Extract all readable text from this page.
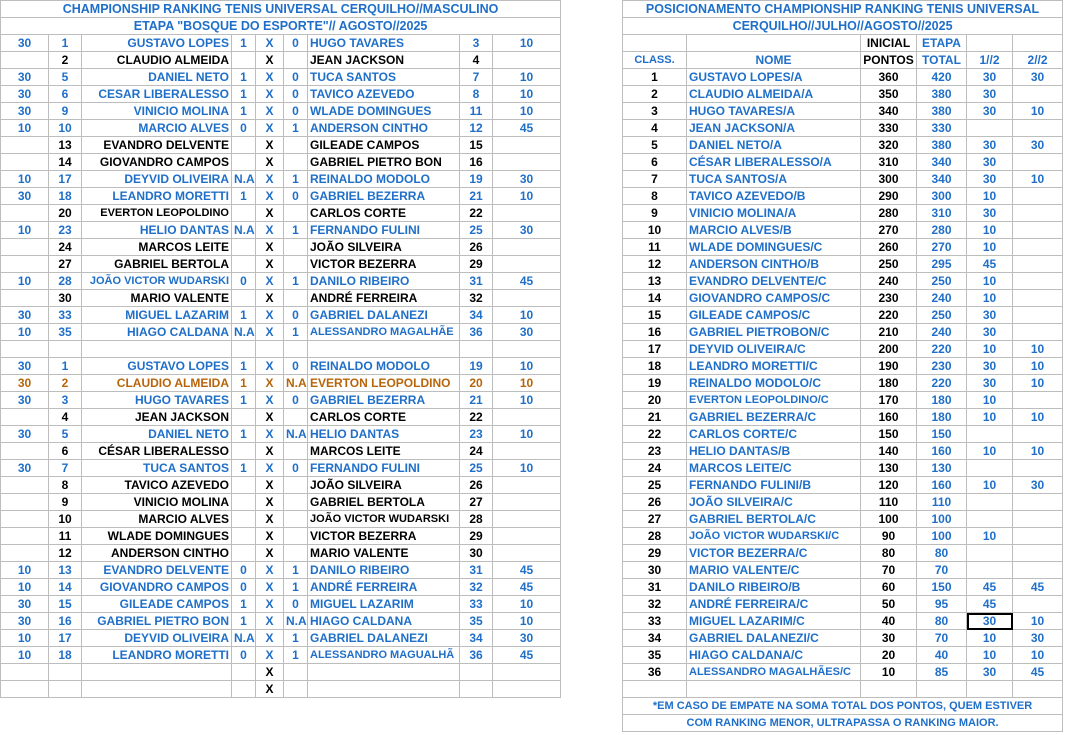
CHAMPIONSHIP RANKING TENIS UNIVERSAL CERQUILHO//MASCULINO								
ETAPA "BOSQUE DO ESPORTE"// AGOSTO//2025								
30	1	GUSTAVO LOPES	1	X	0	HUGO TAVARES	3	10
	2	CLAUDIO ALMEIDA		X		JEAN JACKSON	4	
30	5	DANIEL NETO	1	X	0	TUCA SANTOS	7	10
30	6	CESAR LIBERALESSO	1	X	0	TAVICO AZEVEDO	8	10
30	9	VINICIO MOLINA	1	X	0	WLADE DOMINGUES	11	10
10	10	MARCIO ALVES	0	X	1	ANDERSON CINTHO	12	45
	13	EVANDRO DELVENTE		X		GILEADE CAMPOS	15	
	14	GIOVANDRO CAMPOS		X		GABRIEL PIETRO BON	16	
10	17	DEYVID OLIVEIRA	N.A	X	1	REINALDO MODOLO	19	30
30	18	LEANDRO MORETTI	1	X	0	GABRIEL BEZERRA	21	10
	20	EVERTON LEOPOLDINO		X		CARLOS CORTE	22	
10	23	HELIO DANTAS	N.A	X	1	FERNANDO FULINI	25	30
	24	MARCOS LEITE		X		JOÃO SILVEIRA	26	
	27	GABRIEL BERTOLA		X		VICTOR BEZERRA	29	
10	28	JOÃO VICTOR WUDARSKI	0	X	1	DANILO RIBEIRO	31	45
	30	MARIO VALENTE		X		ANDRÉ FERREIRA	32	
30	33	MIGUEL LAZARIM	1	X	0	GABRIEL DALANEZI	34	10
10	35	HIAGO CALDANA	N.A	X	1	ALESSANDRO MAGALHÃE	36	30

30	1	GUSTAVO LOPES	1	X	0	REINALDO MODOLO	19	10
30	2	CLAUDIO ALMEIDA	1	X	N.A	EVERTON LEOPOLDINO	20	10
30	3	HUGO TAVARES	1	X	0	GABRIEL BEZERRA	21	10
	4	JEAN JACKSON		X		CARLOS CORTE	22	
30	5	DANIEL NETO	1	X	N.A	HELIO DANTAS	23	10
	6	CÉSAR LIBERALESSO		X		MARCOS LEITE	24	
30	7	TUCA SANTOS	1	X	0	FERNANDO FULINI	25	10
	8	TAVICO AZEVEDO		X		JOÃO SILVEIRA	26	
	9	VINICIO MOLINA		X		GABRIEL BERTOLA	27	
	10	MARCIO ALVES		X		JOÃO VICTOR WUDARSKI	28	
	11	WLADE DOMINGUES		X		VICTOR BEZERRA	29	
	12	ANDERSON CINTHO		X		MARIO VALENTE	30	
10	13	EVANDRO DELVENTE	0	X	1	DANILO RIBEIRO	31	45
10	14	GIOVANDRO CAMPOS	0	X	1	ANDRÉ FERREIRA	32	45
30	15	GILEADE CAMPOS	1	X	0	MIGUEL LAZARIM	33	10
30	16	GABRIEL PIETRO BON	1	X	N.A	HIAGO CALDANA	35	10
10	17	DEYVID OLIVEIRA	N.A	X	1	GABRIEL DALANEZI	34	30
10	18	LEANDRO MORETTI	0	X	1	ALESSANDRO MAGUALHÃ	36	45
				X				
				X				
POSICIONAMENTO CHAMPIONSHIP RANKING TENIS UNIVERSAL					
CERQUILHO//JULHO//AGOSTO//2025					
		INICIAL	ETAPA		
CLASS.	NOME	PONTOS	TOTAL	1//2	2//2
1	GUSTAVO LOPES/A	360	420	30	30
2	CLAUDIO ALMEIDA/A	350	380	30	
3	HUGO TAVARES/A	340	380	30	10
4	JEAN JACKSON/A	330	330		
5	DANIEL NETO/A	320	380	30	30
6	CÉSAR LIBERALESSO/A	310	340	30	
7	TUCA SANTOS/A	300	340	30	10
8	TAVICO AZEVEDO/B	290	300	10	
9	VINICIO MOLINA/A	280	310	30	
10	MARCIO ALVES/B	270	280	10	
11	WLADE DOMINGUES/C	260	270	10	
12	ANDERSON CINTHO/B	250	295	45	
13	EVANDRO DELVENTE/C	240	250	10	
14	GIOVANDRO CAMPOS/C	230	240	10	
15	GILEADE CAMPOS/C	220	250	30	
16	GABRIEL PIETROBON/C	210	240	30	
17	DEYVID OLIVEIRA/C	200	220	10	10
18	LEANDRO MORETTI/C	190	230	30	10
19	REINALDO MODOLO/C	180	220	30	10
20	EVERTON LEOPOLDINO/C	170	180	10	
21	GABRIEL BEZERRA/C	160	180	10	10
22	CARLOS CORTE/C	150	150		
23	HELIO DANTAS/B	140	160	10	10
24	MARCOS LEITE/C	130	130		
25	FERNANDO FULINI/B	120	160	10	30
26	JOÃO SILVEIRA/C	110	110		
27	GABRIEL BERTOLA/C	100	100		
28	JOÃO VICTOR WUDARSKI/C	90	100	10	
29	VICTOR BEZERRA/C	80	80		
30	MARIO VALENTE/C	70	70		
31	DANILO RIBEIRO/B	60	150	45	45
32	ANDRÉ FERREIRA/C	50	95	45	
33	MIGUEL LAZARIM/C	40	80	30	10
34	GABRIEL DALANEZI/C	30	70	10	30
35	HIAGO CALDANA/C	20	40	10	10
36	ALESSANDRO MAGALHÃES/C	10	85	30	45

*EM CASO DE EMPATE NA SOMA TOTAL DOS PONTOS, QUEM ESTIVER					
COM RANKING MENOR, ULTRAPASSA O RANKING MAIOR.					
